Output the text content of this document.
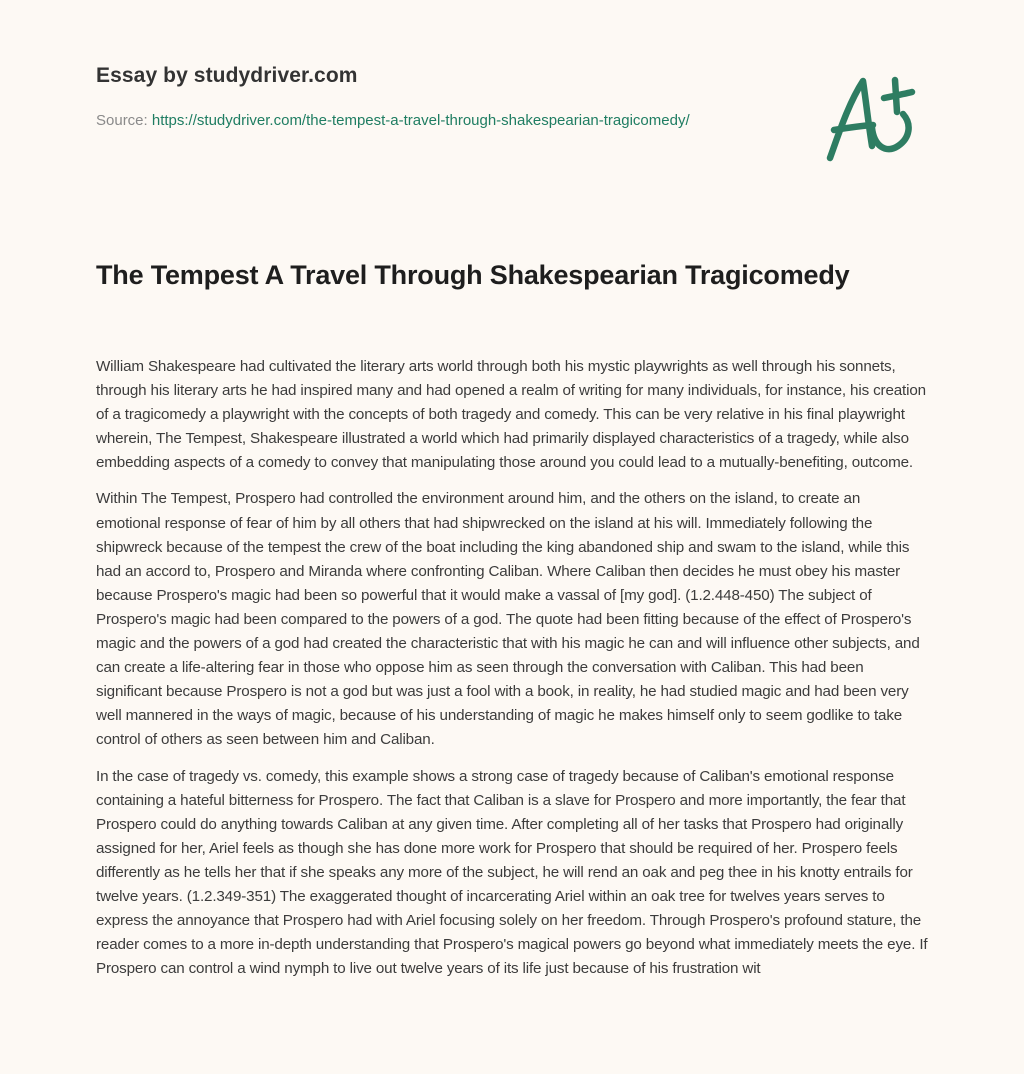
Essay by studydriver.com
Source: https://studydriver.com/the-tempest-a-travel-through-shakespearian-tragicomedy/
The Tempest A Travel Through Shakespearian Tragicomedy

William Shakespeare had cultivated the literary arts world through both his mystic playwrights as well through his sonnets, through his literary arts he had inspired many and had opened a realm of writing for many individuals, for instance, his creation of a tragicomedy a playwright with the concepts of both tragedy and comedy. This can be very relative in his final playwright wherein, The Tempest, Shakespeare illustrated a world which had primarily displayed characteristics of a tragedy, while also embedding aspects of a comedy to convey that manipulating those around you could lead to a mutually-benefiting, outcome.

Within The Tempest, Prospero had controlled the environment around him, and the others on the island, to create an emotional response of fear of him by all others that had shipwrecked on the island at his will. Immediately following the shipwreck because of the tempest the crew of the boat including the king abandoned ship and swam to the island, while this had an accord to, Prospero and Miranda where confronting Caliban. Where Caliban then decides he must obey his master because Prospero's magic had been so powerful that it would make a vassal of [my god]. (1.2.448-450) The subject of Prospero's magic had been compared to the powers of a god. The quote had been fitting because of the effect of Prospero's magic and the powers of a god had created the characteristic that with his magic he can and will influence other subjects, and can create a life-altering fear in those who oppose him as seen through the conversation with Caliban. This had been significant because Prospero is not a god but was just a fool with a book, in reality, he had studied magic and had been very well mannered in the ways of magic, because of his understanding of magic he makes himself only to seem godlike to take control of others as seen between him and Caliban.

In the case of tragedy vs. comedy, this example shows a strong case of tragedy because of Caliban's emotional response containing a hateful bitterness for Prospero. The fact that Caliban is a slave for Prospero and more importantly, the fear that Prospero could do anything towards Caliban at any given time. After completing all of her tasks that Prospero had originally assigned for her, Ariel feels as though she has done more work for Prospero that should be required of her. Prospero feels differently as he tells her that if she speaks any more of the subject, he will rend an oak and peg thee in his knotty entrails for twelve years. (1.2.349-351) The exaggerated thought of incarcerating Ariel within an oak tree for twelves years serves to express the annoyance that Prospero had with Ariel focusing solely on her freedom. Through Prospero's profound stature, the reader comes to a more in-depth understanding that Prospero's magical powers go beyond what immediately meets the eye. If Prospero can control a wind nymph to live out twelve years of its life just because of his frustration wit
